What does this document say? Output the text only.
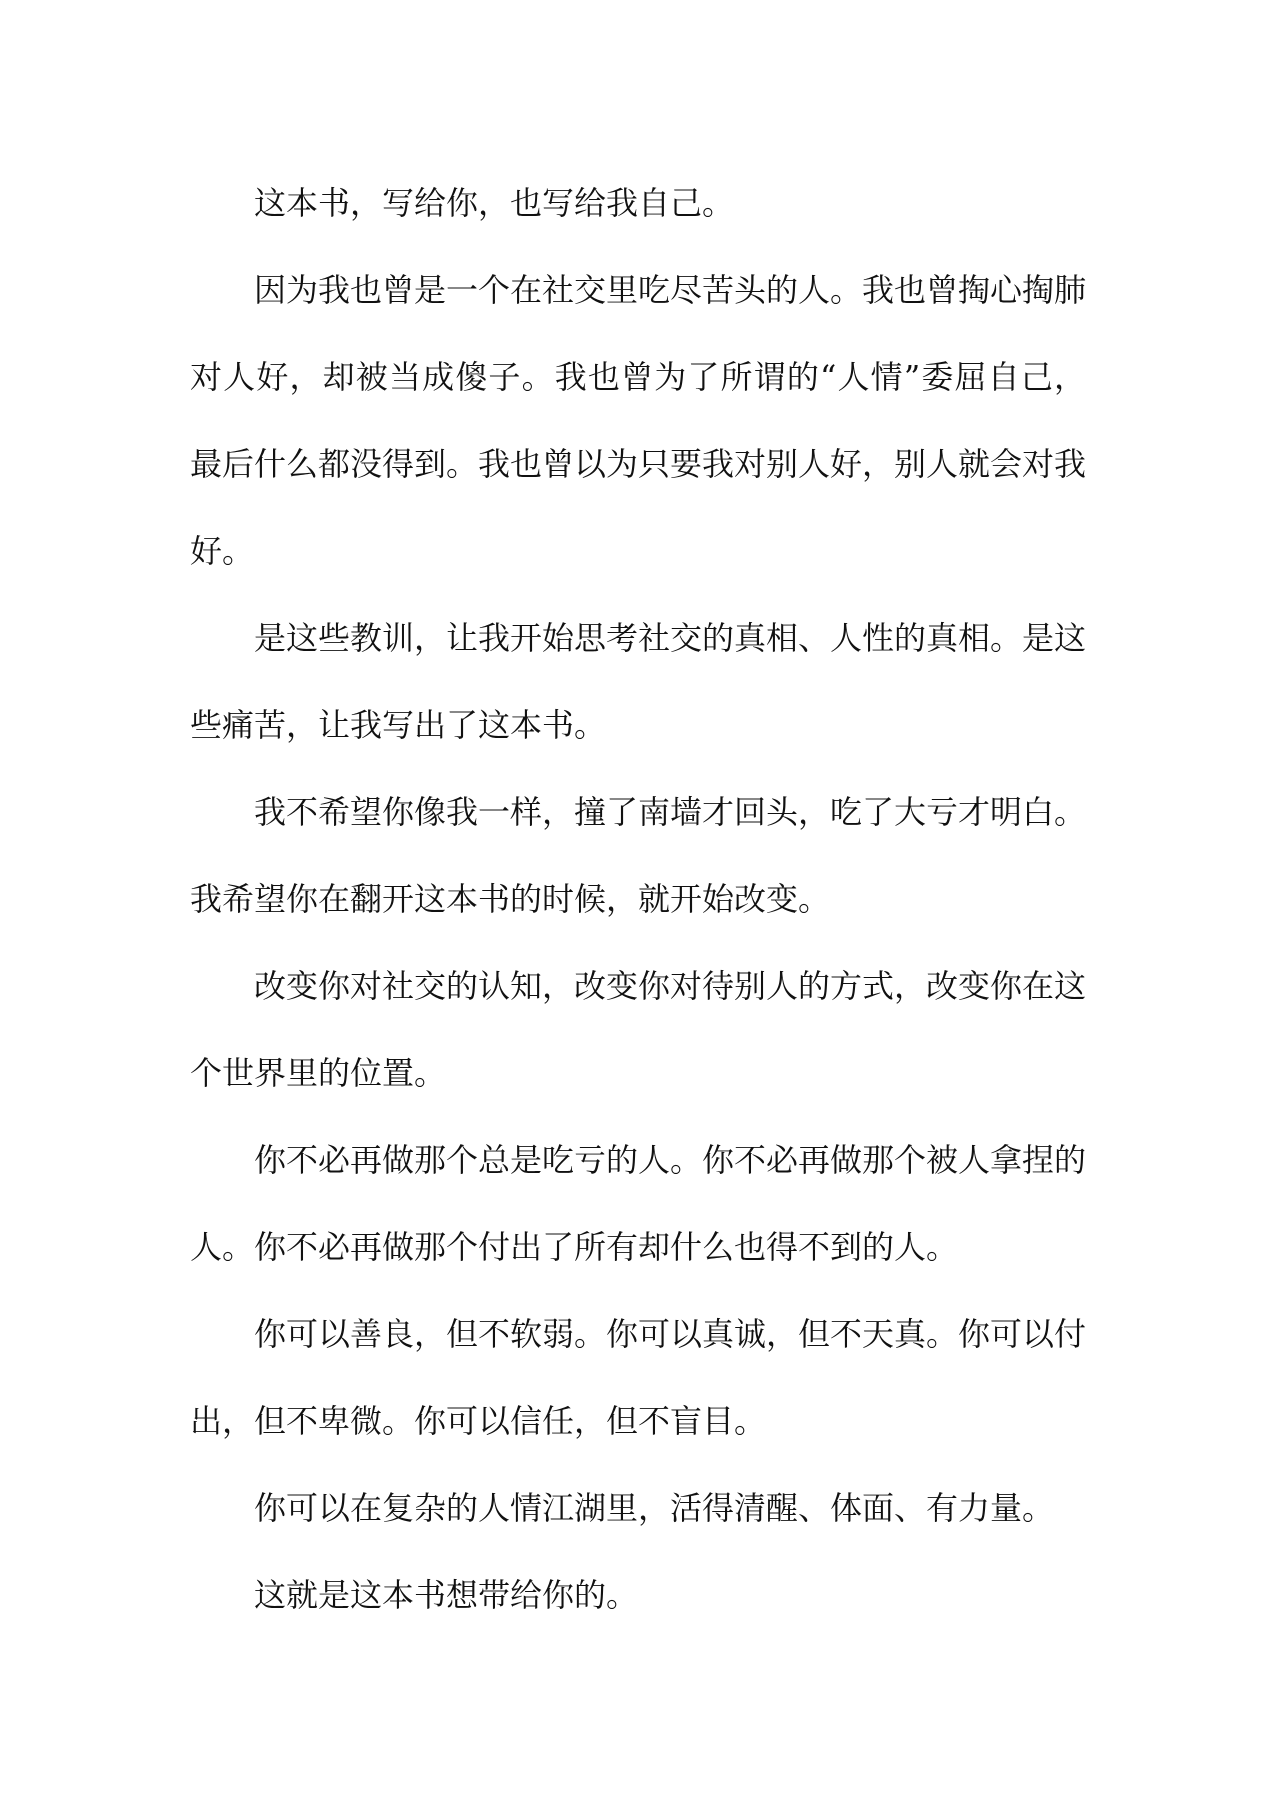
这本书，写给你，也写给我自己。

因为我也曾是一个在社交里吃尽苦头的人。我也曾掏心掏肺对人好，却被当成傻子。我也曾为了所谓的“人情”委屈自己，最后什么都没得到。我也曾以为只要我对别人好，别人就会对我好。

是这些教训，让我开始思考社交的真相、人性的真相。是这些痛苦，让我写出了这本书。

我不希望你像我一样，撞了南墙才回头，吃了大亏才明白。我希望你在翻开这本书的时候，就开始改变。

改变你对社交的认知，改变你对待别人的方式，改变你在这个世界里的位置。

你不必再做那个总是吃亏的人。你不必再做那个被人拿捏的人。你不必再做那个付出了所有却什么也得不到的人。

你可以善良，但不软弱。你可以真诚，但不天真。你可以付出，但不卑微。你可以信任，但不盲目。

你可以在复杂的人情江湖里，活得清醒、体面、有力量。

这就是这本书想带给你的。
